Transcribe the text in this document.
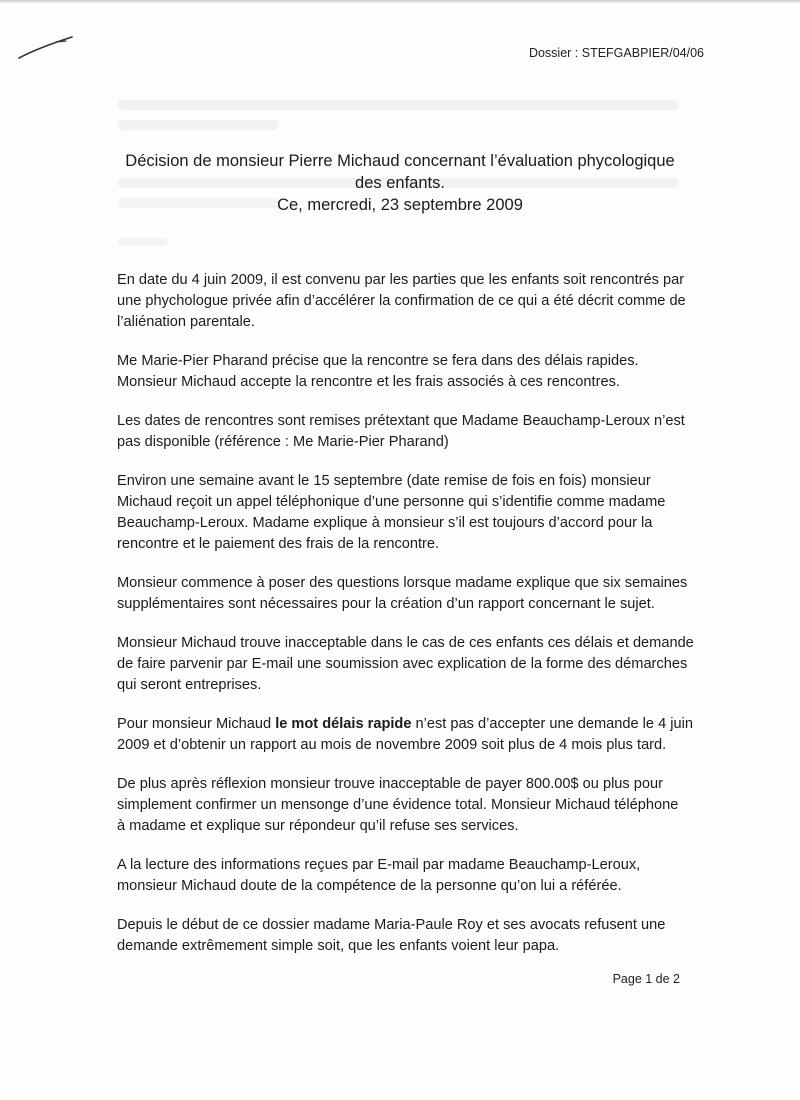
Dossier : STEFGABPIER/04/06
Décision de monsieur Pierre Michaud concernant l’évaluation phycologique
des enfants.
Ce, mercredi, 23 septembre 2009

En date du 4 juin 2009, il est convenu par les parties que les enfants soit rencontrés par
une phychologue privée afin d’accélérer la confirmation de ce qui a été décrit comme de
l’aliénation parentale.

Me Marie-Pier Pharand précise que la rencontre se fera dans des délais rapides.
Monsieur Michaud accepte la rencontre et les frais associés à ces rencontres.

Les dates de rencontres sont remises prétextant que Madame Beauchamp-Leroux n’est
pas disponible (référence : Me Marie-Pier Pharand)

Environ une semaine avant le 15 septembre (date remise de fois en fois) monsieur
Michaud reçoit un appel téléphonique d’une personne qui s’identifie comme madame
Beauchamp-Leroux. Madame explique à monsieur s’il est toujours d’accord pour la
rencontre et le paiement des frais de la rencontre.

Monsieur commence à poser des questions lorsque madame explique que six semaines
supplémentaires sont nécessaires pour la création d’un rapport concernant le sujet.

Monsieur Michaud trouve inacceptable dans le cas de ces enfants ces délais et demande
de faire parvenir par E-mail une soumission avec explication de la forme des démarches
qui seront entreprises.

Pour monsieur Michaud le mot délais rapide n’est pas d’accepter une demande le 4 juin
2009 et d’obtenir un rapport au mois de novembre 2009 soit plus de 4 mois plus tard.

De plus après réflexion monsieur trouve inacceptable de payer 800.00$ ou plus pour
simplement confirmer un mensonge d’une évidence total. Monsieur Michaud téléphone
à madame et explique sur répondeur qu’il refuse ses services.

A la lecture des informations reçues par E-mail par madame Beauchamp-Leroux,
monsieur Michaud doute de la compétence de la personne qu’on lui a référée.

Depuis le début de ce dossier madame Maria-Paule Roy et ses avocats refusent une
demande extrêmement simple soit, que les enfants voient leur papa.

Page 1 de 2
